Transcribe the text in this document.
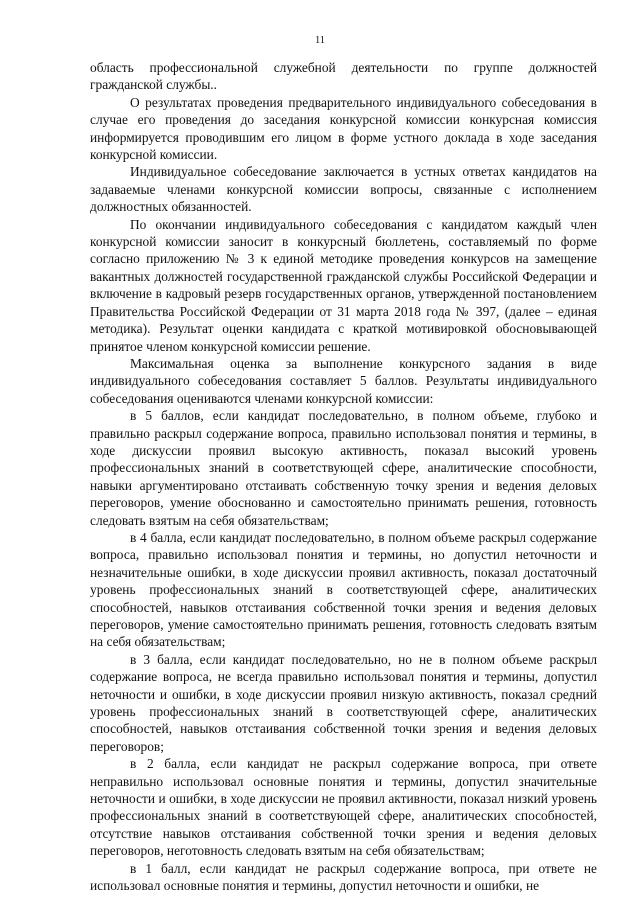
11

область профессиональной служебной деятельности по группе должностей гражданской службы..

О результатах проведения предварительного индивидуального собеседования в случае его проведения до заседания конкурсной комиссии конкурсная комиссия информируется проводившим его лицом в форме устного доклада в ходе заседания конкурсной комиссии.

Индивидуальное собеседование заключается в устных ответах кандидатов на задаваемые членами конкурсной комиссии вопросы, связанные с исполнением должностных обязанностей.

По окончании индивидуального собеседования с кандидатом каждый член конкурсной комиссии заносит в конкурсный бюллетень, составляемый по форме согласно приложению № 3 к единой методике проведения конкурсов на замещение вакантных должностей государственной гражданской службы Российской Федерации и включение в кадровый резерв государственных органов, утвержденной постановлением Правительства Российской Федерации от 31 марта 2018 года № 397, (далее – единая методика). Результат оценки кандидата с краткой мотивировкой обосновывающей принятое членом конкурсной комиссии решение.

Максимальная оценка за выполнение конкурсного задания в виде индивидуального собеседования составляет 5 баллов. Результаты индивидуального собеседования оцениваются членами конкурсной комиссии:

в 5 баллов, если кандидат последовательно, в полном объеме, глубоко и правильно раскрыл содержание вопроса, правильно использовал понятия и термины, в ходе дискуссии проявил высокую активность, показал высокий уровень профессиональных знаний в соответствующей сфере, аналитические способности, навыки аргументировано отстаивать собственную точку зрения и ведения деловых переговоров, умение обоснованно и самостоятельно принимать решения, готовность следовать взятым на себя обязательствам;

в 4 балла, если кандидат последовательно, в полном объеме раскрыл содержание вопроса, правильно использовал понятия и термины, но допустил неточности и незначительные ошибки, в ходе дискуссии проявил активность, показал достаточный уровень профессиональных знаний в соответствующей сфере, аналитических способностей, навыков отстаивания собственной точки зрения и ведения деловых переговоров, умение самостоятельно принимать решения, готовность следовать взятым на себя обязательствам;

в 3 балла, если кандидат последовательно, но не в полном объеме раскрыл содержание вопроса, не всегда правильно использовал понятия и термины, допустил неточности и ошибки, в ходе дискуссии проявил низкую активность, показал средний уровень профессиональных знаний в соответствующей сфере, аналитических способностей, навыков отстаивания собственной точки зрения и ведения деловых переговоров;

в 2 балла, если кандидат не раскрыл содержание вопроса, при ответе неправильно использовал основные понятия и термины, допустил значительные неточности и ошибки, в ходе дискуссии не проявил активности, показал низкий уровень профессиональных знаний в соответствующей сфере, аналитических способностей, отсутствие навыков отстаивания собственной точки зрения и ведения деловых переговоров, неготовность следовать взятым на себя обязательствам;

в 1 балл, если кандидат не раскрыл содержание вопроса, при ответе не использовал основные понятия и термины, допустил неточности и ошибки, не
